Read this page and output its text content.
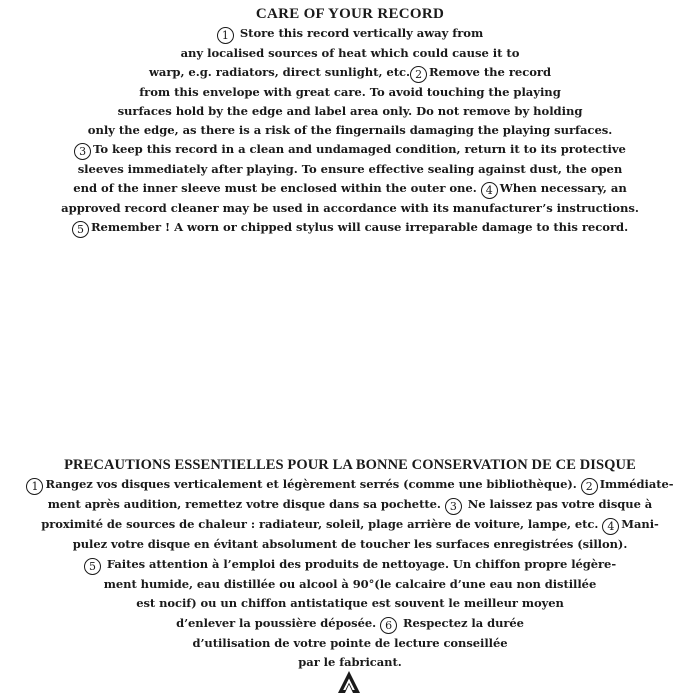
CARE OF YOUR RECORD
1 Store this record vertically away from
any localised sources of heat which could cause it to
warp, e.g. radiators, direct sunlight, etc. 2 Remove the record
from this envelope with great care. To avoid touching the playing
surfaces hold by the edge and label area only. Do not remove by holding
only the edge, as there is a risk of the fingernails damaging the playing surfaces.
3 To keep this record in a clean and undamaged condition, return it to its protective
sleeves immediately after playing. To ensure effective sealing against dust, the open
end of the inner sleeve must be enclosed within the outer one. 4 When necessary, an
approved record cleaner may be used in accordance with its manufacturer’s instructions.
5 Remember ! A worn or chipped stylus will cause irreparable damage to this record.
PRECAUTIONS ESSENTIELLES POUR LA BONNE CONSERVATION DE CE DISQUE
1 Rangez vos disques verticalement et légèrement serrés (comme une bibliothèque). 2 Immédiate-
ment après audition, remettez votre disque dans sa pochette. 3 Ne laissez pas votre disque à
proximité de sources de chaleur : radiateur, soleil, plage arrière de voiture, lampe, etc. 4 Mani-
pulez votre disque en évitant absolument de toucher les surfaces enregistrées (sillon).
5 Faites attention à l’emploi des produits de nettoyage. Un chiffon propre légère-
ment humide, eau distillée ou alcool à 90°(le calcaire d’une eau non distillée
est nocif) ou un chiffon antistatique est souvent le meilleur moyen
d’enlever la poussière déposée. 6 Respectez la durée
d’utilisation de votre pointe de lecture conseillée
par le fabricant.
